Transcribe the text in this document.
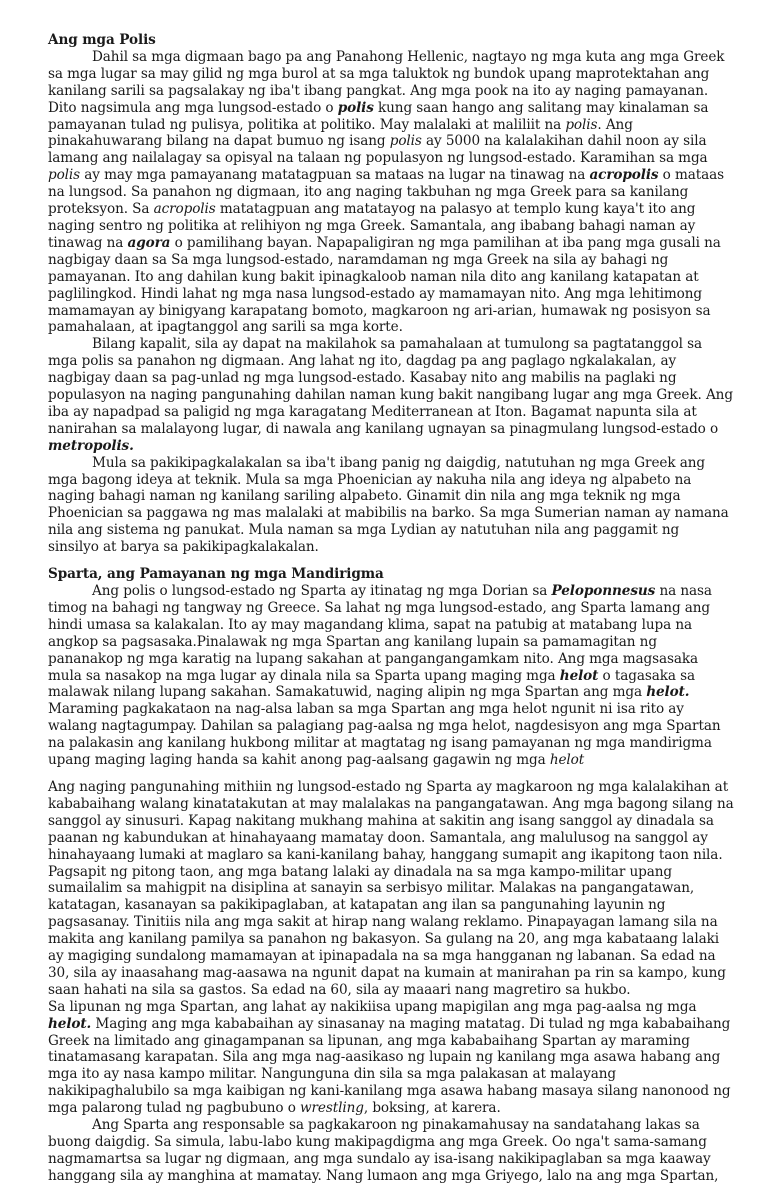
Ang mga Polis

Dahil sa mga digmaan bago pa ang Panahong Hellenic, nagtayo ng mga kuta ang mga Greek sa mga lugar sa may gilid ng mga burol at sa mga taluktok ng bundok upang maprotektahan ang kanilang sarili sa pagsalakay ng iba't ibang pangkat. Ang mga pook na ito ay naging pamayanan. Dito nagsimula ang mga lungsod-estado o polis kung saan hango ang salitang may kinalaman sa pamayanan tulad ng pulisya, politika at politiko. May malalaki at maliliit na polis. Ang pinakahuwarang bilang na dapat bumuo ng isang polis ay 5000 na kalalakihan dahil noon ay sila lamang ang nailalagay sa opisyal na talaan ng populasyon ng lungsod-estado. Karamihan sa mga polis ay may mga pamayanang matatagpuan sa mataas na lugar na tinawag na acropolis o mataas na lungsod. Sa panahon ng digmaan, ito ang naging takbuhan ng mga Greek para sa kanilang proteksyon. Sa acropolis matatagpuan ang matatayog na palasyo at templo kung kaya't ito ang naging sentro ng politika at relihiyon ng mga Greek. Samantala, ang ibabang bahagi naman ay tinawag na agora o pamilihang bayan. Napapaligiran ng mga pamilihan at iba pang mga gusali na nagbigay daan sa Sa mga lungsod-estado, naramdaman ng mga Greek na sila ay bahagi ng pamayanan. Ito ang dahilan kung bakit ipinagkaloob naman nila dito ang kanilang katapatan at paglilingkod. Hindi lahat ng mga nasa lungsod-estado ay mamamayan nito. Ang mga lehitimong mamamayan ay binigyang karapatang bomoto, magkaroon ng ari-arian, humawak ng posisyon sa pamahalaan, at ipagtanggol ang sarili sa mga korte.

Bilang kapalit, sila ay dapat na makilahok sa pamahalaan at tumulong sa pagtatanggol sa mga polis sa panahon ng digmaan. Ang lahat ng ito, dagdag pa ang paglago ngkalakalan, ay nagbigay daan sa pag-unlad ng mga lungsod-estado. Kasabay nito ang mabilis na paglaki ng populasyon na naging pangunahing dahilan naman kung bakit nangibang lugar ang mga Greek. Ang iba ay napadpad sa paligid ng mga karagatang Mediterranean at Iton. Bagamat napunta sila at nanirahan sa malalayong lugar, di nawala ang kanilang ugnayan sa pinagmulang lungsod-estado o metropolis.

Mula sa pakikipagkalakalan sa iba't ibang panig ng daigdig, natutuhan ng mga Greek ang mga bagong ideya at teknik. Mula sa mga Phoenician ay nakuha nila ang ideya ng alpabeto na naging bahagi naman ng kanilang sariling alpabeto. Ginamit din nila ang mga teknik ng mga Phoenician sa paggawa ng mas malalaki at mabibilis na barko. Sa mga Sumerian naman ay namana nila ang sistema ng panukat. Mula naman sa mga Lydian ay natutuhan nila ang paggamit ng sinsilyo at barya sa pakikipagkalakalan.

Sparta, ang Pamayanan ng mga Mandirigma

Ang polis o lungsod-estado ng Sparta ay itinatag ng mga Dorian sa Peloponnesus na nasa timog na bahagi ng tangway ng Greece. Sa lahat ng mga lungsod-estado, ang Sparta lamang ang hindi umasa sa kalakalan. Ito ay may magandang klima, sapat na patubig at matabang lupa na angkop sa pagsasaka.Pinalawak ng mga Spartan ang kanilang lupain sa pamamagitan ng pananakop ng mga karatig na lupang sakahan at pangangangamkam nito. Ang mga magsasaka mula sa nasakop na mga lugar ay dinala nila sa Sparta upang maging mga helot o tagasaka sa malawak nilang lupang sakahan. Samakatuwid, naging alipin ng mga Spartan ang mga helot. Maraming pagkakataon na nag-alsa laban sa mga Spartan ang mga helot ngunit ni isa rito ay walang nagtagumpay. Dahilan sa palagiang pag-aalsa ng mga helot, nagdesisyon ang mga Spartan na palakasin ang kanilang hukbong militar at magtatag ng isang pamayanan ng mga mandirigma upang maging laging handa sa kahit anong pag-aalsang gagawin ng mga helot

Ang naging pangunahing mithiin ng lungsod-estado ng Sparta ay magkaroon ng mga kalalakihan at kababaihang walang kinatatakutan at may malalakas na pangangatawan. Ang mga bagong silang na sanggol ay sinusuri. Kapag nakitang mukhang mahina at sakitin ang isang sanggol ay dinadala sa paanan ng kabundukan at hinahayaang mamatay doon. Samantala, ang malulusog na sanggol ay hinahayaang lumaki at maglaro sa kani-kanilang bahay, hanggang sumapit ang ikapitong taon nila. Pagsapit ng pitong taon, ang mga batang lalaki ay dinadala na sa mga kampo-militar upang sumailalim sa mahigpit na disiplina at sanayin sa serbisyo militar. Malakas na pangangatawan, katatagan, kasanayan sa pakikipaglaban, at katapatan ang ilan sa pangunahing layunin ng pagsasanay. Tinitiis nila ang mga sakit at hirap nang walang reklamo. Pinapayagan lamang sila na makita ang kanilang pamilya sa panahon ng bakasyon. Sa gulang na 20, ang mga kabataang lalaki ay magiging sundalong mamamayan at ipinapadala na sa mga hangganan ng labanan. Sa edad na 30, sila ay inaasahang mag-aasawa na ngunit dapat na kumain at manirahan pa rin sa kampo, kung saan hahati na sila sa gastos. Sa edad na 60, sila ay maaari nang magretiro sa hukbo.

Sa lipunan ng mga Spartan, ang lahat ay nakikiisa upang mapigilan ang mga pag-aalsa ng mga helot. Maging ang mga kababaihan ay sinasanay na maging matatag. Di tulad ng mga kababaihang Greek na limitado ang ginagampanan sa lipunan, ang mga kababaihang Spartan ay maraming tinatamasang karapatan. Sila ang mga nag-aasikaso ng lupain ng kanilang mga asawa habang ang mga ito ay nasa kampo militar. Nangunguna din sila sa mga palakasan at malayang nakikipaghalubilo sa mga kaibigan ng kani-kanilang mga asawa habang masaya silang nanonood ng mga palarong tulad ng pagbubuno o wrestling, boksing, at karera.

Ang Sparta ang responsable sa pagkakaroon ng pinakamahusay na sandatahang lakas sa buong daigdig. Sa simula, labu-labo kung makipagdigma ang mga Greek. Oo nga't sama-samang nagmamartsa sa lugar ng digmaan, ang mga sundalo ay isa-isang nakikipaglaban sa mga kaaway hanggang sila ay manghina at mamatay. Nang lumaon ang mga Griyego, lalo na ang mga Spartan,
